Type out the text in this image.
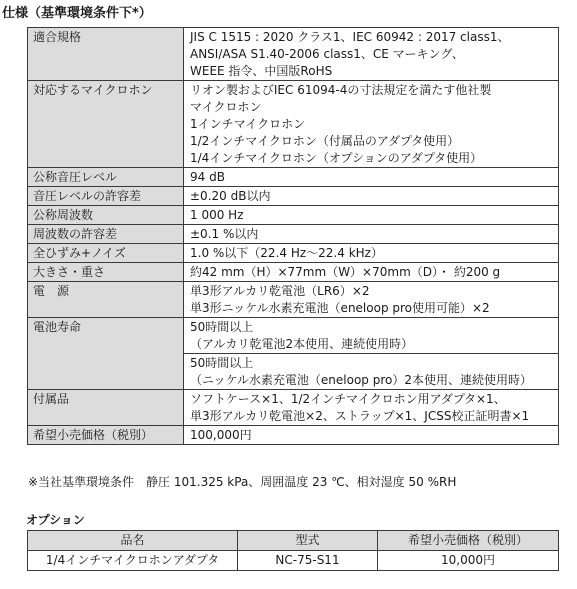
仕様（基準環境条件下*）
適合規格	JIS C 1515 : 2020 クラス1、IEC 60942 : 2017 class1、
ANSI/ASA S1.40-2006 class1、CE マーキング、
WEEE 指令、中国版RoHS

対応するマイクロホン	リオン製およびIEC 61094-4の寸法規定を満たす他社製
マイクロホン
1インチマイクロホン
1/2インチマイクロホン（付属品のアダプタ使用）
1/4インチマイクロホン（オプションのアダプタ使用）

公称音圧レベル	94 dB
音圧レベルの許容差	±0.20 dB以内
公称周波数	1 000 Hz
周波数の許容差	±0.1 %以内
全ひずみ+ノイズ	1.0 %以下（22.4 Hz～22.4 kHz）
大きさ・重さ	約42 mm（H）×77mm（W）×70mm（D）・ 約200 g
電　源	単3形アルカリ乾電池（LR6）×2
単3形ニッケル水素充電池（eneloop pro使用可能）×2

電池寿命	50時間以上
（アルカリ乾電池2本使用、連続使用時）

	50時間以上
（ニッケル水素充電池（eneloop pro）2本使用、連続使用時）

付属品	ソフトケース×1、1/2インチマイクロホン用アダプタ×1、
単3形アルカリ乾電池×2、ストラップ×1、JCSS校正証明書×1

希望小売価格（税別）	100,000円
※当社基準環境条件　静圧 101.325 kPa、周囲温度 23 ℃、相対湿度 50 %RH
オプション
品名	型式	希望小売価格（税別）
1/4インチマイクロホンアダプタ	NC-75-S11	10,000円
